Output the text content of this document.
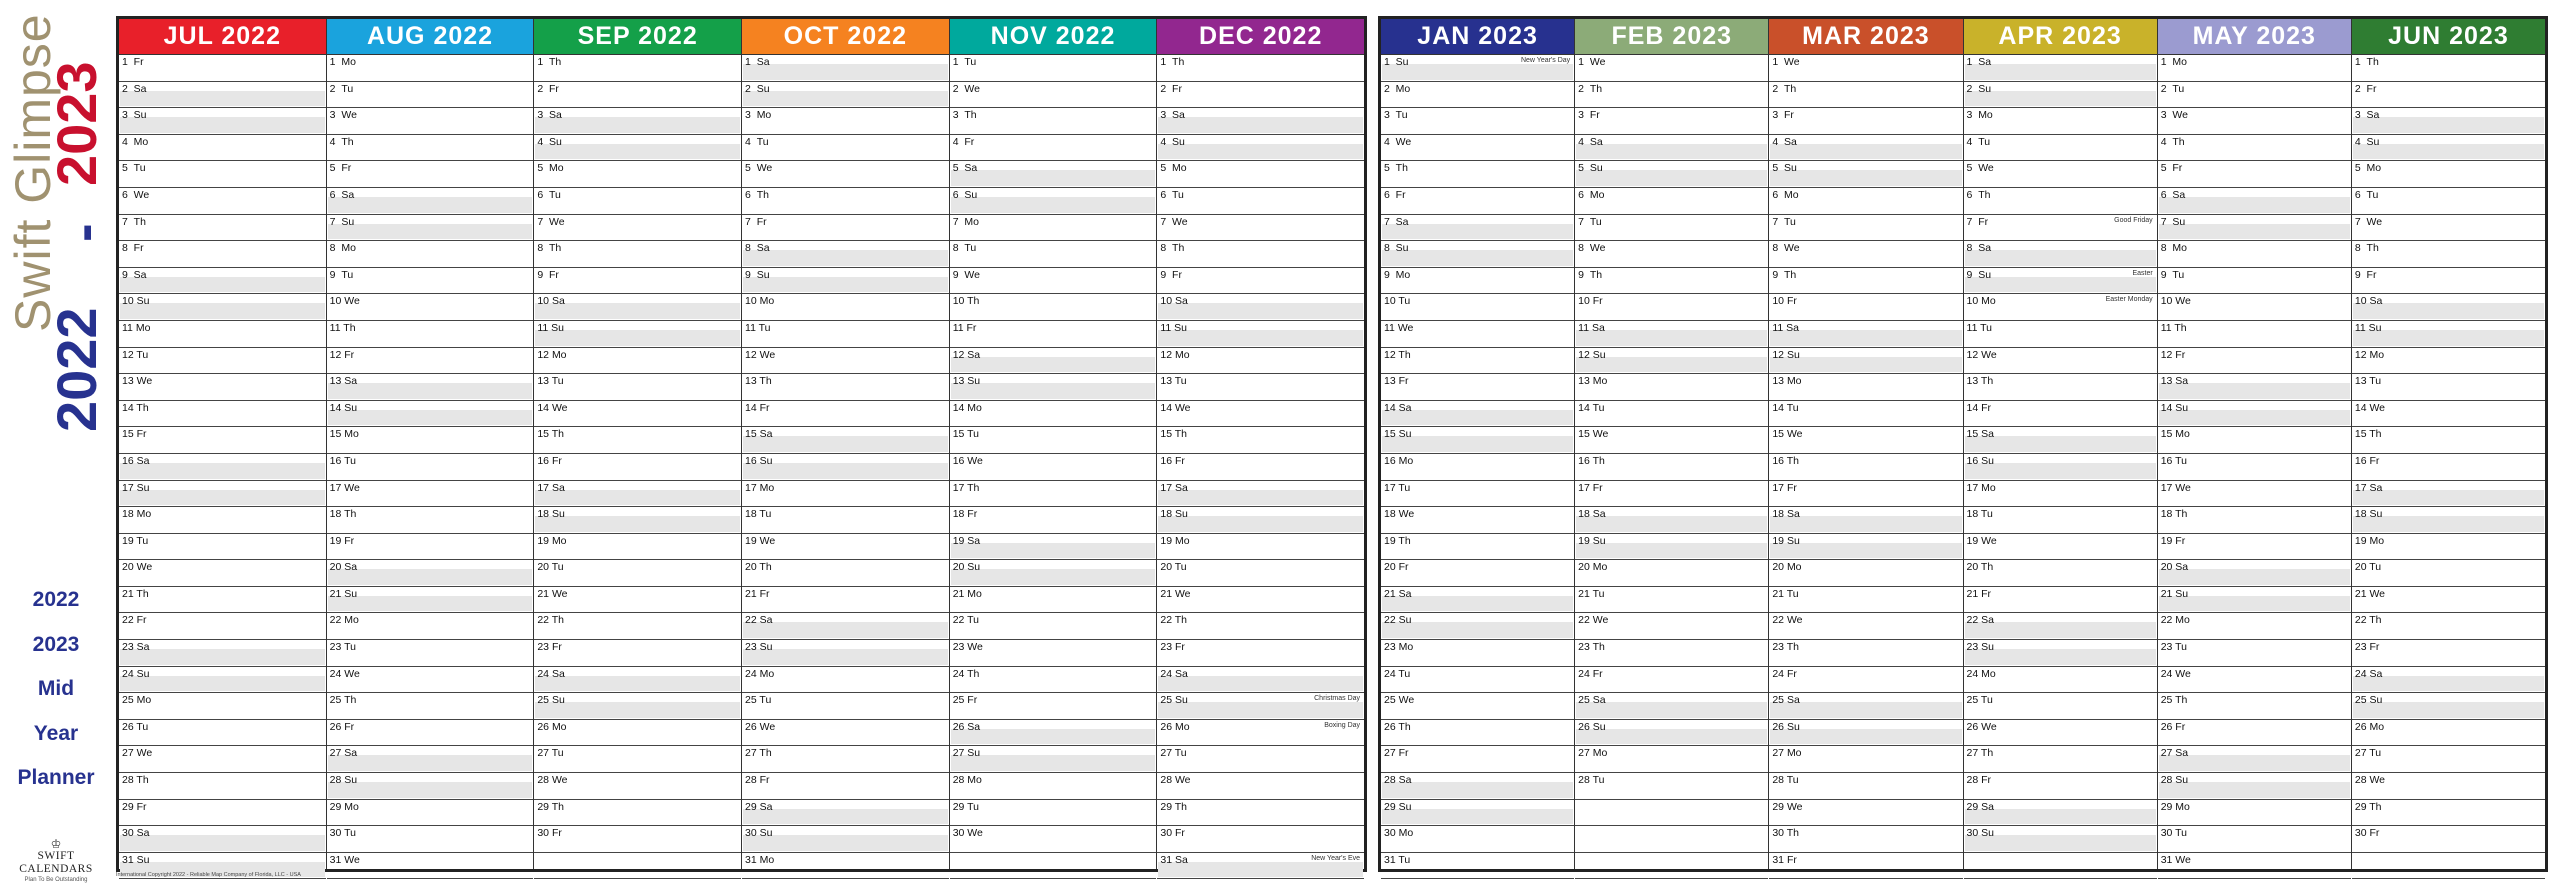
Swift Glimpse
2022
-
2023
2022
2023
Mid
Year
Planner
♔
SWIFT CALENDARS
Plan To Be Outstanding
JUL 2022
1  Fr
2  Sa
3  Su
4  Mo
5  Tu
6  We
7  Th
8  Fr
9  Sa
10 Su
11 Mo
12 Tu
13 We
14 Th
15 Fr
16 Sa
17 Su
18 Mo
19 Tu
20 We
21 Th
22 Fr
23 Sa
24 Su
25 Mo
26 Tu
27 We
28 Th
29 Fr
30 Sa
31 Su
AUG 2022
1  Mo
2  Tu
3  We
4  Th
5  Fr
6  Sa
7  Su
8  Mo
9  Tu
10 We
11 Th
12 Fr
13 Sa
14 Su
15 Mo
16 Tu
17 We
18 Th
19 Fr
20 Sa
21 Su
22 Mo
23 Tu
24 We
25 Th
26 Fr
27 Sa
28 Su
29 Mo
30 Tu
31 We
SEP 2022
1  Th
2  Fr
3  Sa
4  Su
5  Mo
6  Tu
7  We
8  Th
9  Fr
10 Sa
11 Su
12 Mo
13 Tu
14 We
15 Th
16 Fr
17 Sa
18 Su
19 Mo
20 Tu
21 We
22 Th
23 Fr
24 Sa
25 Su
26 Mo
27 Tu
28 We
29 Th
30 Fr
OCT 2022
1  Sa
2  Su
3  Mo
4  Tu
5  We
6  Th
7  Fr
8  Sa
9  Su
10 Mo
11 Tu
12 We
13 Th
14 Fr
15 Sa
16 Su
17 Mo
18 Tu
19 We
20 Th
21 Fr
22 Sa
23 Su
24 Mo
25 Tu
26 We
27 Th
28 Fr
29 Sa
30 Su
31 Mo
NOV 2022
1  Tu
2  We
3  Th
4  Fr
5  Sa
6  Su
7  Mo
8  Tu
9  We
10 Th
11 Fr
12 Sa
13 Su
14 Mo
15 Tu
16 We
17 Th
18 Fr
19 Sa
20 Su
21 Mo
22 Tu
23 We
24 Th
25 Fr
26 Sa
27 Su
28 Mo
29 Tu
30 We
DEC 2022
1  Th
2  Fr
3  Sa
4  Su
5  Mo
6  Tu
7  We
8  Th
9  Fr
10 Sa
11 Su
12 Mo
13 Tu
14 We
15 Th
16 Fr
17 Sa
18 Su
19 Mo
20 Tu
21 We
22 Th
23 Fr
24 Sa
25 Su	Christmas Day
26 Mo	Boxing Day
27 Tu
28 We
29 Th
30 Fr
31 Sa	New Year's Eve
JAN 2023
1  Su	New Year's Day
2  Mo
3  Tu
4  We
5  Th
6  Fr
7  Sa
8  Su
9  Mo
10 Tu
11 We
12 Th
13 Fr
14 Sa
15 Su
16 Mo
17 Tu
18 We
19 Th
20 Fr
21 Sa
22 Su
23 Mo
24 Tu
25 We
26 Th
27 Fr
28 Sa
29 Su
30 Mo
31 Tu
FEB 2023
1  We
2  Th
3  Fr
4  Sa
5  Su
6  Mo
7  Tu
8  We
9  Th
10 Fr
11 Sa
12 Su
13 Mo
14 Tu
15 We
16 Th
17 Fr
18 Sa
19 Su
20 Mo
21 Tu
22 We
23 Th
24 Fr
25 Sa
26 Su
27 Mo
28 Tu
MAR 2023
1  We
2  Th
3  Fr
4  Sa
5  Su
6  Mo
7  Tu
8  We
9  Th
10 Fr
11 Sa
12 Su
13 Mo
14 Tu
15 We
16 Th
17 Fr
18 Sa
19 Su
20 Mo
21 Tu
22 We
23 Th
24 Fr
25 Sa
26 Su
27 Mo
28 Tu
29 We
30 Th
31 Fr
APR 2023
1  Sa
2  Su
3  Mo
4  Tu
5  We
6  Th
7  Fr	Good Friday
8  Sa
9  Su	Easter
10 Mo	Easter Monday
11 Tu
12 We
13 Th
14 Fr
15 Sa
16 Su
17 Mo
18 Tu
19 We
20 Th
21 Fr
22 Sa
23 Su
24 Mo
25 Tu
26 We
27 Th
28 Fr
29 Sa
30 Su
MAY 2023
1  Mo
2  Tu
3  We
4  Th
5  Fr
6  Sa
7  Su
8  Mo
9  Tu
10 We
11 Th
12 Fr
13 Sa
14 Su
15 Mo
16 Tu
17 We
18 Th
19 Fr
20 Sa
21 Su
22 Mo
23 Tu
24 We
25 Th
26 Fr
27 Sa
28 Su
29 Mo
30 Tu
31 We
JUN 2023
1  Th
2  Fr
3  Sa
4  Su
5  Mo
6  Tu
7  We
8  Th
9  Fr
10 Sa
11 Su
12 Mo
13 Tu
14 We
15 Th
16 Fr
17 Sa
18 Su
19 Mo
20 Tu
21 We
22 Th
23 Fr
24 Sa
25 Su
26 Mo
27 Tu
28 We
29 Th
30 Fr
International Copyright 2022 - Reliable Map Company of Florida, LLC - USA
